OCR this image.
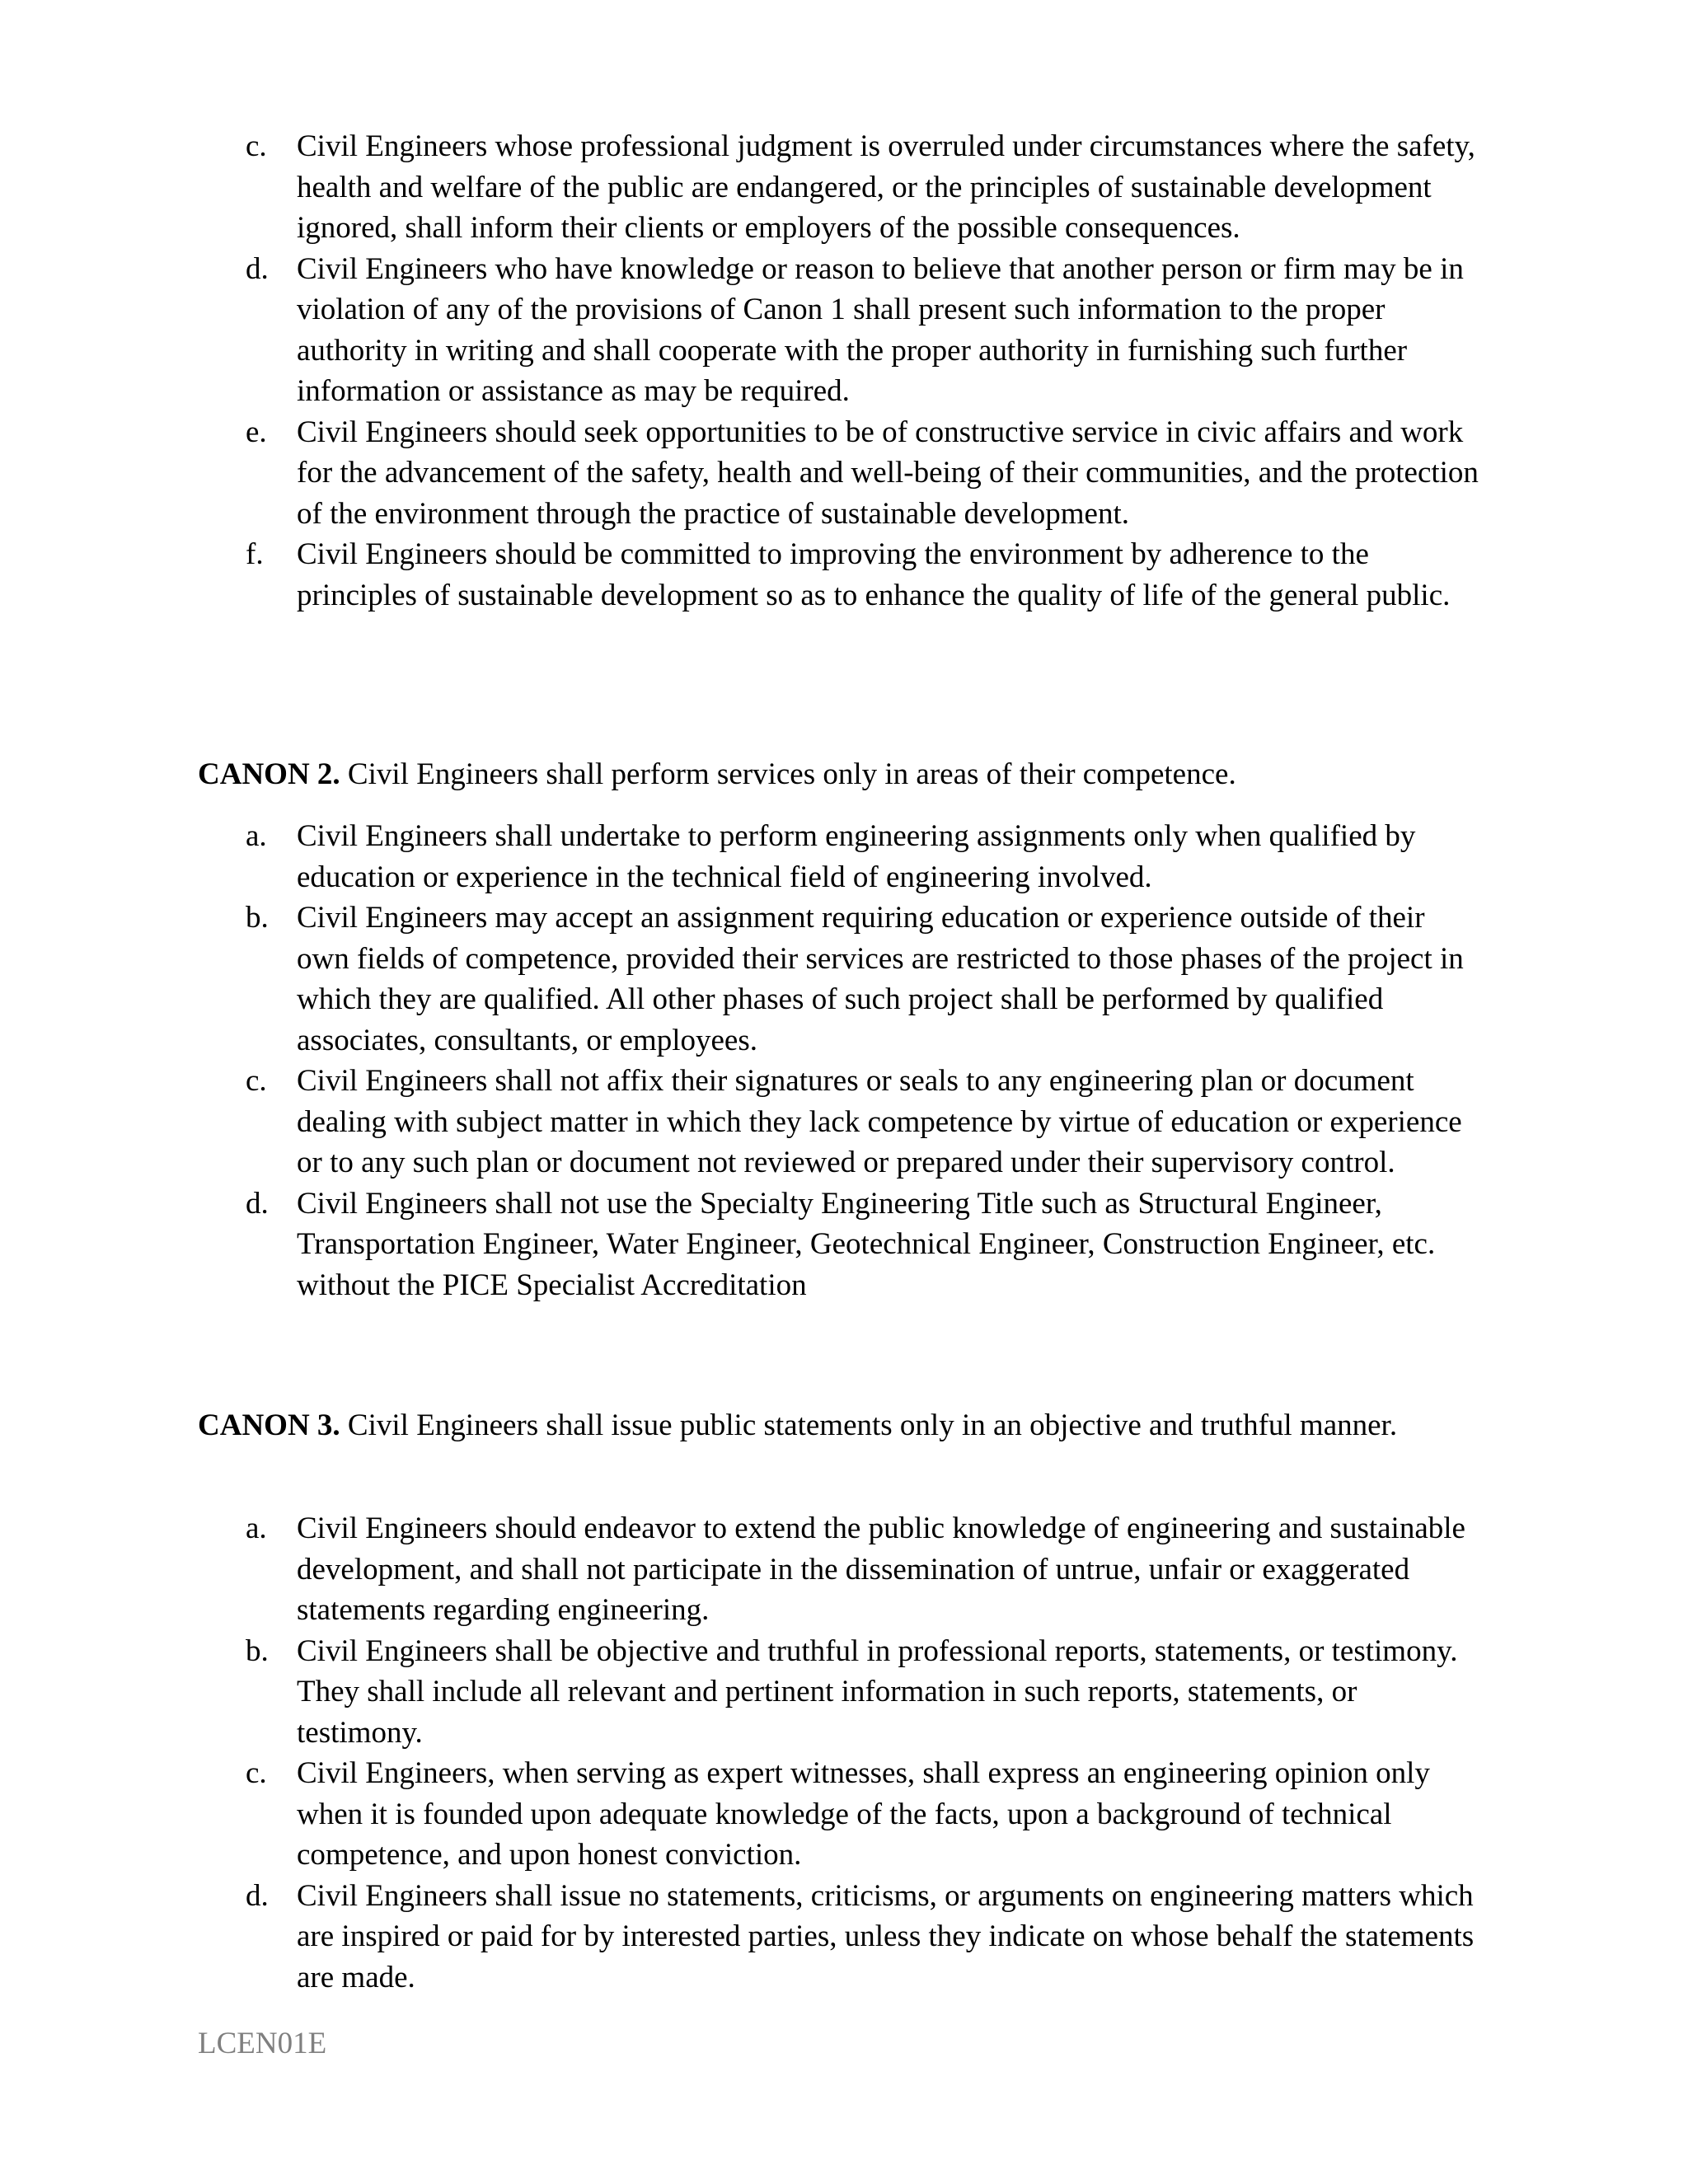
c. Civil Engineers whose professional judgment is overruled under circumstances where the safety, health and welfare of the public are endangered, or the principles of sustainable development ignored, shall inform their clients or employers of the possible consequences.
d. Civil Engineers who have knowledge or reason to believe that another person or firm may be in violation of any of the provisions of Canon 1 shall present such information to the proper authority in writing and shall cooperate with the proper authority in furnishing such further information or assistance as may be required.
e. Civil Engineers should seek opportunities to be of constructive service in civic affairs and work for the advancement of the safety, health and well-being of their communities, and the protection of the environment through the practice of sustainable development.
f. Civil Engineers should be committed to improving the environment by adherence to the principles of sustainable development so as to enhance the quality of life of the general public.

CANON 2. Civil Engineers shall perform services only in areas of their competence.

a. Civil Engineers shall undertake to perform engineering assignments only when qualified by education or experience in the technical field of engineering involved.
b. Civil Engineers may accept an assignment requiring education or experience outside of their own fields of competence, provided their services are restricted to those phases of the project in which they are qualified. All other phases of such project shall be performed by qualified associates, consultants, or employees.
c. Civil Engineers shall not affix their signatures or seals to any engineering plan or document dealing with subject matter in which they lack competence by virtue of education or experience or to any such plan or document not reviewed or prepared under their supervisory control.
d. Civil Engineers shall not use the Specialty Engineering Title such as Structural Engineer, Transportation Engineer, Water Engineer, Geotechnical Engineer, Construction Engineer, etc. without the PICE Specialist Accreditation

CANON 3. Civil Engineers shall issue public statements only in an objective and truthful manner.

a. Civil Engineers should endeavor to extend the public knowledge of engineering and sustainable development, and shall not participate in the dissemination of untrue, unfair or exaggerated statements regarding engineering.
b. Civil Engineers shall be objective and truthful in professional reports, statements, or testimony. They shall include all relevant and pertinent information in such reports, statements, or testimony.
c. Civil Engineers, when serving as expert witnesses, shall express an engineering opinion only when it is founded upon adequate knowledge of the facts, upon a background of technical competence, and upon honest conviction.
d. Civil Engineers shall issue no statements, criticisms, or arguments on engineering matters which are inspired or paid for by interested parties, unless they indicate on whose behalf the statements are made.
LCEN01E
